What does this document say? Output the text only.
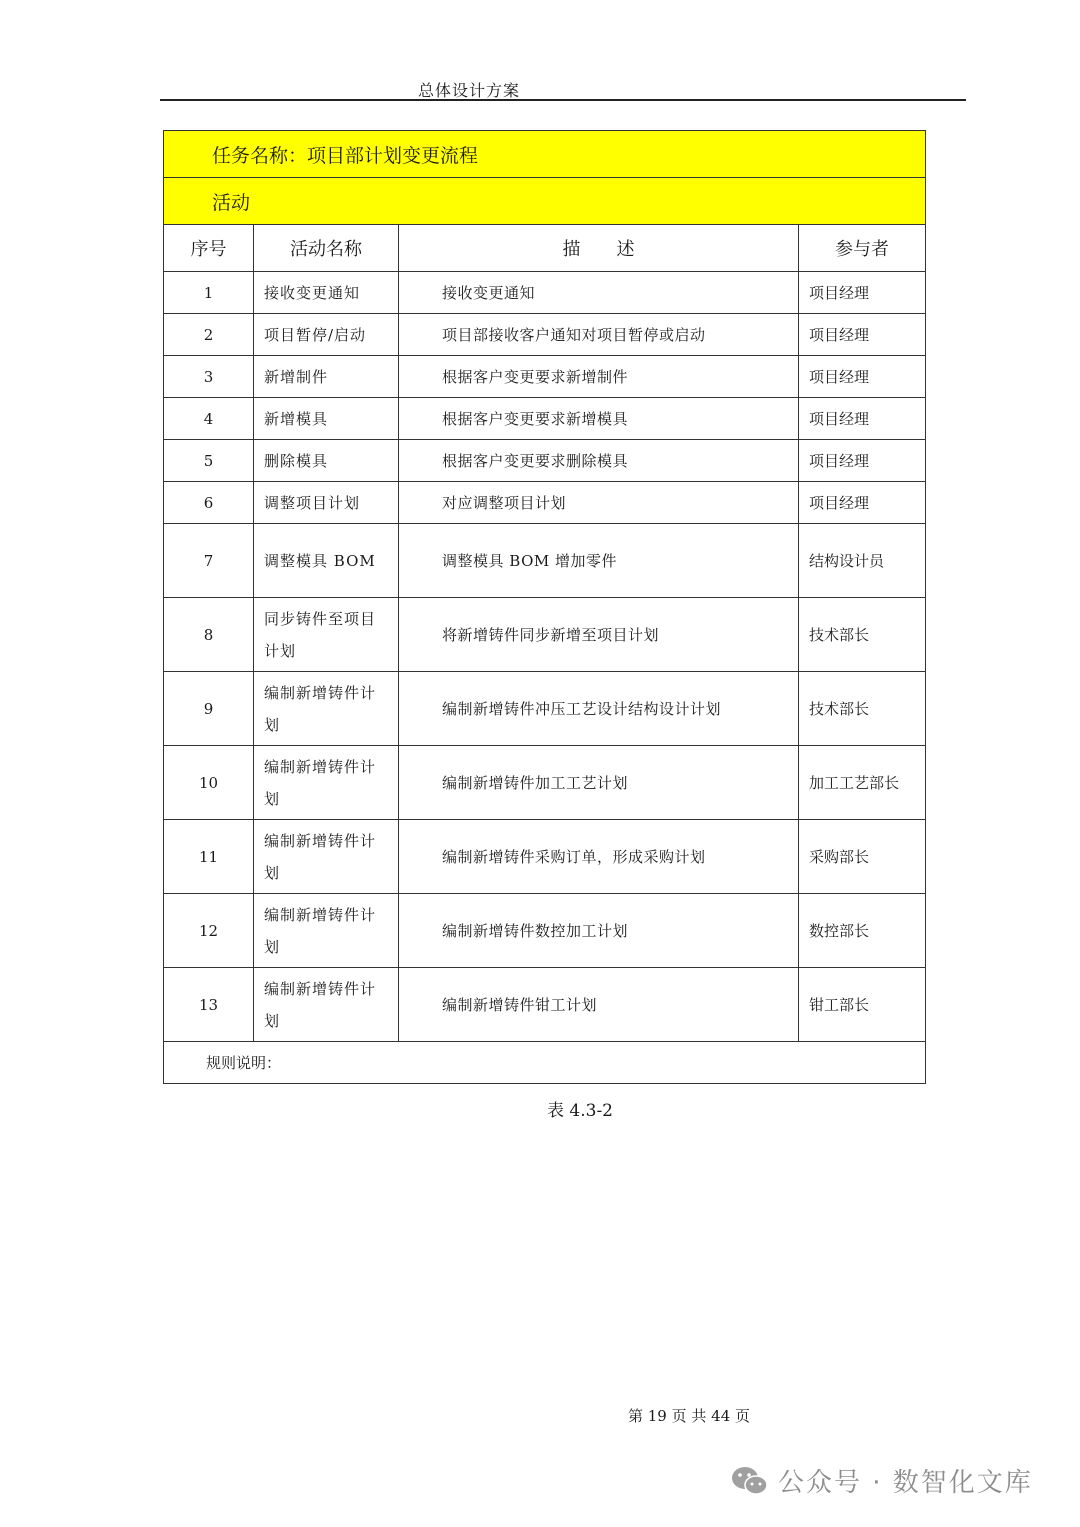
总体设计方案
任务名称：项目部计划变更流程			
活动			
序号	活动名称	描　　述	参与者
1	接收变更通知	接收变更通知	项目经理
2	项目暂停/启动	项目部接收客户通知对项目暂停或启动	项目经理
3	新增制件	根据客户变更要求新增制件	项目经理
4	新增模具	根据客户变更要求新增模具	项目经理
5	删除模具	根据客户变更要求删除模具	项目经理
6	调整项目计划	对应调整项目计划	项目经理
7	调整模具 BOM	调整模具 BOM 增加零件	结构设计员
8	同步铸件至项目计划	将新增铸件同步新增至项目计划	技术部长
9	编制新增铸件计划	编制新增铸件冲压工艺设计结构设计计划	技术部长
10	编制新增铸件计划	编制新增铸件加工工艺计划	加工工艺部长
11	编制新增铸件计划	编制新增铸件采购订单，形成采购计划	采购部长
12	编制新增铸件计划	编制新增铸件数控加工计划	数控部长
13	编制新增铸件计划	编制新增铸件钳工计划	钳工部长
规则说明：			
表 4.3-2
第 19 页 共 44 页
公众号 · 数智化文库
